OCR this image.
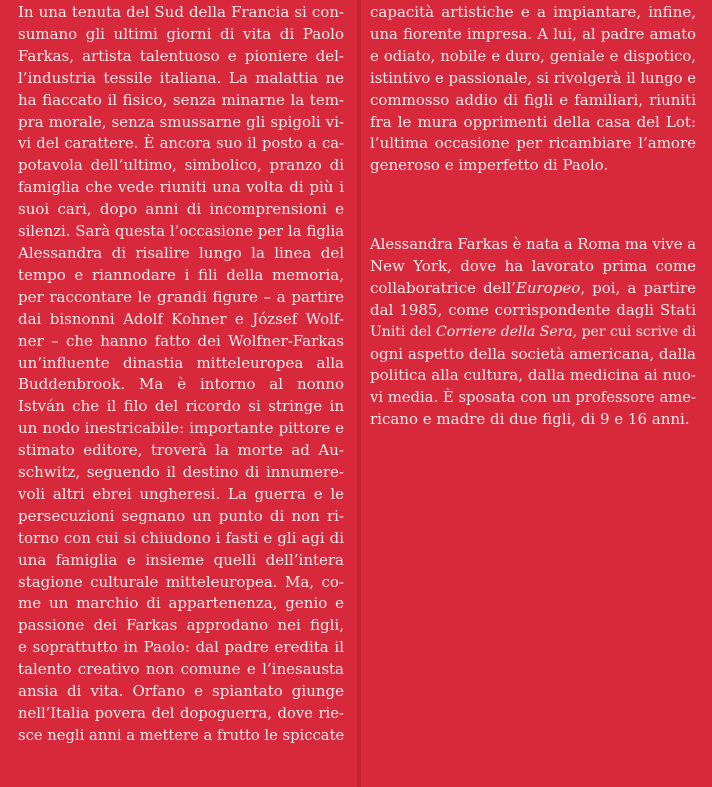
In una tenuta del Sud della Francia si con-
sumano gli ultimi giorni di vita di Paolo
Farkas, artista talentuoso e pioniere del-
l’industria tessile italiana. La malattia ne
ha fiaccato il fisico, senza minarne la tem-
pra morale, senza smussarne gli spigoli vi-
vi del carattere. È ancora suo il posto a ca-
potavola dell’ultimo, simbolico, pranzo di
famiglia che vede riuniti una volta di più i
suoi cari, dopo anni di incomprensioni e
silenzi. Sarà questa l’occasione per la figlia
Alessandra di risalire lungo la linea del
tempo e riannodare i fili della memoria,
per raccontare le grandi figure – a partire
dai bisnonni Adolf Kohner e József Wolf-
ner – che hanno fatto dei Wolfner-Farkas
un’influente dinastia mitteleuropea alla
Buddenbrook. Ma è intorno al nonno
István che il filo del ricordo si stringe in
un nodo inestricabile: importante pittore e
stimato editore, troverà la morte ad Au-
schwitz, seguendo il destino di innumere-
voli altri ebrei ungheresi. La guerra e le
persecuzioni segnano un punto di non ri-
torno con cui si chiudono i fasti e gli agi di
una famiglia e insieme quelli dell’intera
stagione culturale mitteleuropea. Ma, co-
me un marchio di appartenenza, genio e
passione dei Farkas approdano nei figli,
e soprattutto in Paolo: dal padre eredita il
talento creativo non comune e l’inesausta
ansia di vita. Orfano e spiantato giunge
nell’Italia povera del dopoguerra, dove rie-
sce negli anni a mettere a frutto le spiccate
capacità artistiche e a impiantare, infine,
una fiorente impresa. A lui, al padre amato
e odiato, nobile e duro, geniale e dispotico,
istintivo e passionale, si rivolgerà il lungo e
commosso addio di figli e familiari, riuniti
fra le mura opprimenti della casa del Lot:
l’ultima occasione per ricambiare l’amore
generoso e imperfetto di Paolo.
Alessandra Farkas è nata a Roma ma vive a
New York, dove ha lavorato prima come
collaboratrice dell’Europeo, poi, a partire
dal 1985, come corrispondente dagli Stati
Uniti del Corriere della Sera, per cui scrive di
ogni aspetto della società americana, dalla
politica alla cultura, dalla medicina ai nuo-
vi media. È sposata con un professore ame-
ricano e madre di due figli, di 9 e 16 anni.
